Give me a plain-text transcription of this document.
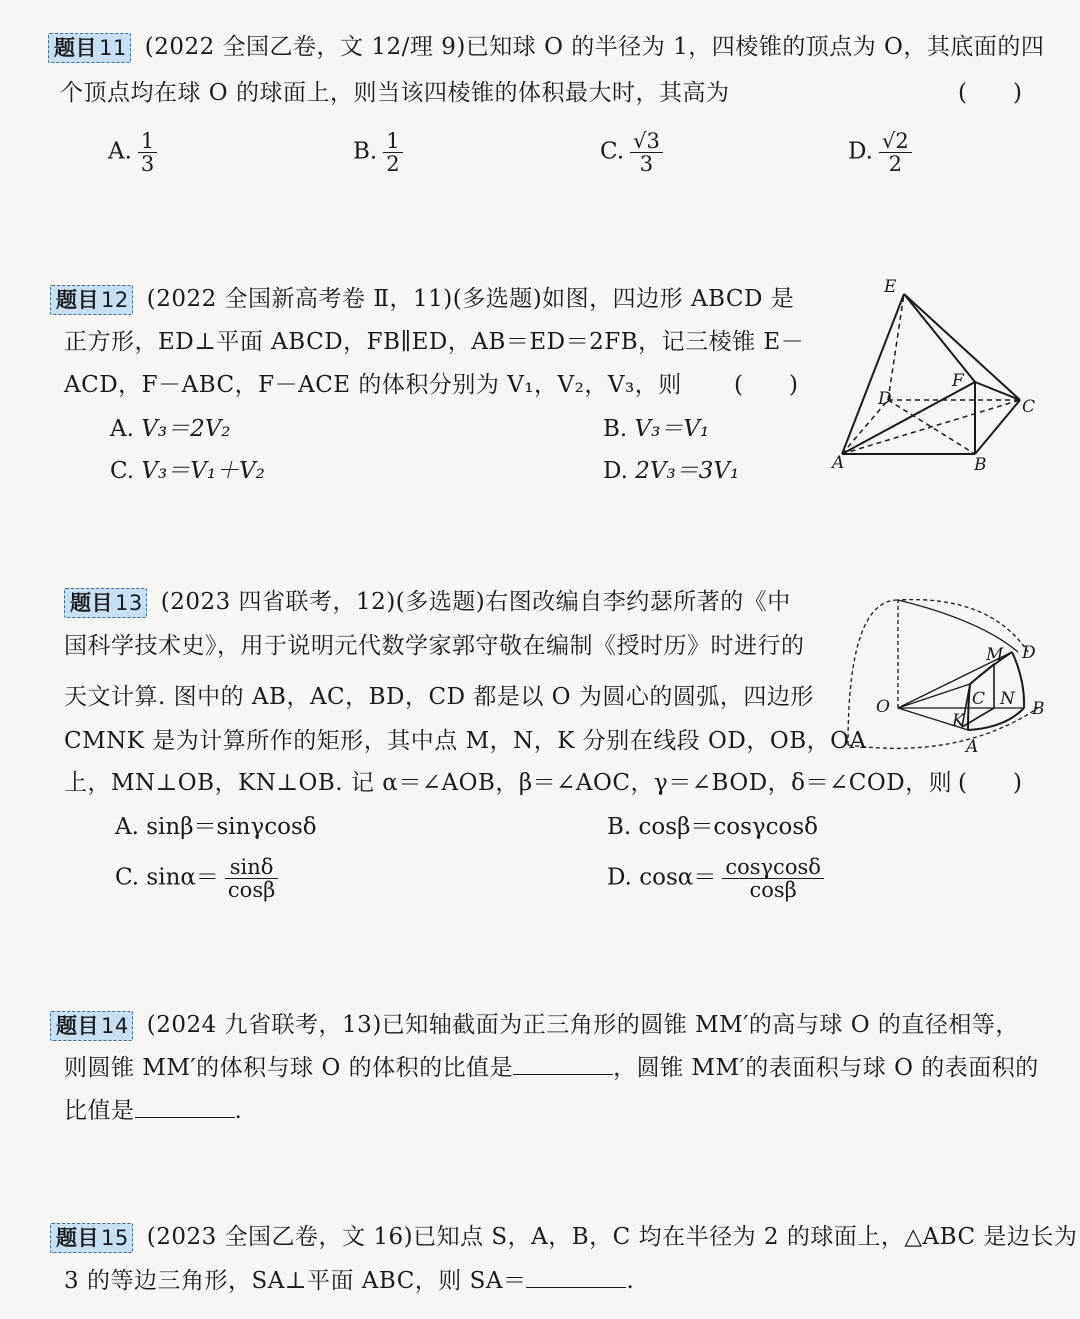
题目11 (2022 全国乙卷，文 12/理 9)已知球 O 的半径为 1，四棱锥的顶点为 O，其底面的四
个顶点均在球 O 的球面上，则当该四棱锥的体积最大时，其高为	(　　)
A. $\frac{1}{3}$	B. $\frac{1}{2}$	C. $\frac{√3}{3}$	D. $\frac{√2}{2}$
题目12 (2022 全国新高考卷 Ⅱ，11)(多选题)如图，四边形 ABCD 是
正方形，ED⊥平面 ABCD，FB∥ED，AB＝ED＝2FB，记三棱锥 E－
ACD，F－ABC，F－ACE 的体积分别为 V₁，V₂，V₃，则 (　　)
A. V₃＝2V₂	B. V₃＝V₁
C. V₃＝V₁＋V₂	D. 2V₃＝3V₁
E
F
D	C
A	B
题目13 (2023 四省联考，12)(多选题)右图改编自李约瑟所著的《中
国科学技术史》，用于说明元代数学家郭守敬在编制《授时历》时进行的
天文计算. 图中的 AB，AC，BD，CD 都是以 O 为圆心的圆弧，四边形
CMNK 是为计算所作的矩形，其中点 M，N，K 分别在线段 OD，OB，OA
上，MN⊥OB，KN⊥OB. 记 α＝∠AOB，β＝∠AOC，γ＝∠BOD，δ＝∠COD，则 (　　)
A. sinβ＝sinγcosδ	B. cosβ＝cosγcosδ
C. $\sin\alpha= \frac{\sin\delta}{\cos\beta}$	D. $\cos\alpha= \frac{\cos\gamma\cos\delta}{\cos\beta}$
O
M D
C N B
K
A
题目14 (2024 九省联考，13)已知轴截面为正三角形的圆锥 MM′的高与球 O 的直径相等，
则圆锥 MM′的体积与球 O 的体积的比值是	，圆锥 MM′的表面积与球 O 的表面积的
比值是	.
题目15 (2023 全国乙卷，文 16)已知点 S，A，B，C 均在半径为 2 的球面上，△ABC 是边长为
3 的等边三角形，SA⊥平面 ABC，则 SA＝	.
